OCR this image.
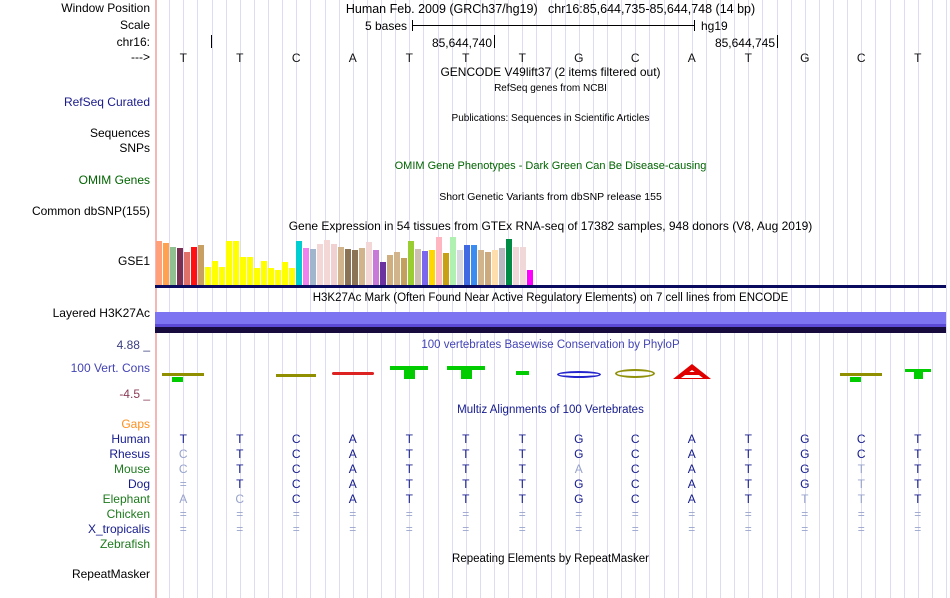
Human Feb. 2009 (GRCh37/hg19)   chr16:85,644,735-85,644,748 (14 bp)
5 bases	hg19
85,644,740	85,644,745
T	T	C	A	T	T	T	G	C	A	T	G	C	T
Window Position
Scale
chr16:
--->
RefSeq Curated
Sequences
SNPs
OMIM Genes
Common dbSNP(155)
GSE1
Layered H3K27Ac
4.88 _
100 Vert. Cons
-4.5 _
RepeatMasker
GENCODE V49lift37 (2 items filtered out)
RefSeq genes from NCBI
Publications: Sequences in Scientific Articles
OMIM Gene Phenotypes - Dark Green Can Be Disease-causing
Short Genetic Variants from dbSNP release 155
Gene Expression in 54 tissues from GTEx RNA-seq of 17382 samples, 948 donors (V8, Aug 2019)
H3K27Ac Mark (Often Found Near Active Regulatory Elements) on 7 cell lines from ENCODE
100 vertebrates Basewise Conservation by PhyloP
Multiz Alignments of 100 Vertebrates
Repeating Elements by RepeatMasker
Gaps
Human T	T	C	A	T	T	T	G	C	A	T	G	C	T
Rhesus C	T	C	A	T	T	T	G	C	A	T	G	C	T
Mouse C	T	C	A	T	T	T	A	C	A	T	G	T	T
Dog =	T	C	A	T	T	T	G	C	A	T	G	T	T
Elephant A	C	C	A	T	T	T	G	C	A	T	T	T	T
Chicken =	=	=	=	=	=	=	=	=	=	=	=	=	=
X_tropicalis =	=	=	=	=	=	=	=	=	=	=	=	=	=
Zebrafish
